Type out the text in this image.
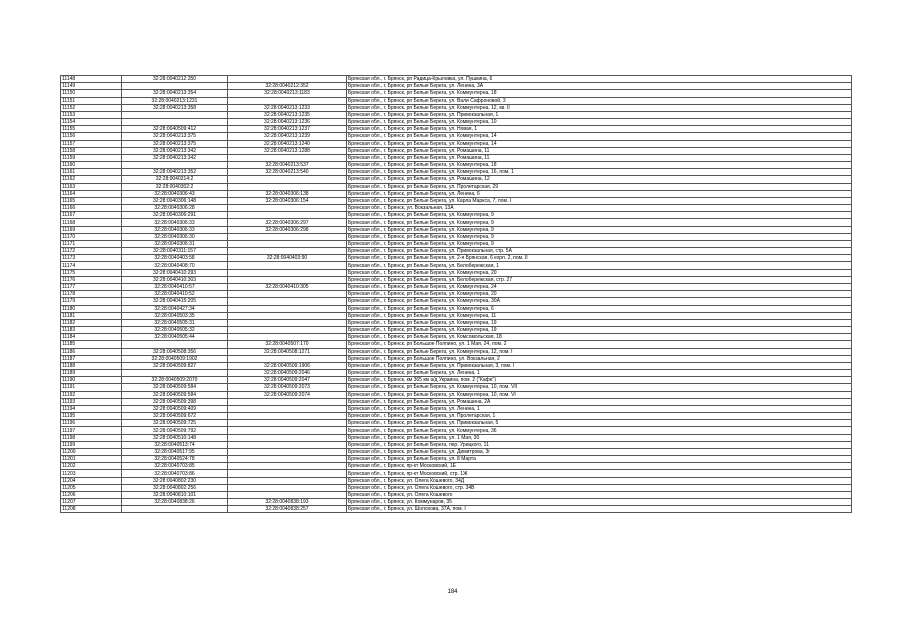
11148	32:28:0040212:350		Брянская обл., г. Брянск, рп Радица-Крыловка, ул. Пушкина, 6
11149		32:28:0040212:352	Брянская обл., г. Брянск, рп Белые Берега, ул. Ленина, 3А
11150	32:28:0040213:354	32:28:0040213:1183	Брянская обл., г. Брянск, рп Белые Берега, ул. Коммунтерна, 18
11151	32:28:0040213:1231		Брянская обл., г. Брянск, рп Белые Берега, ул. Вали Сафроновой, 3
11152	32:28:0040213:358	32:28:0040213:1233	Брянская обл., г. Брянск, рп Белые Берега, ул. Коммунтерна, 12, кв. II
11153		32:28:0040213:1235	Брянская обл., г. Брянск, рп Белые Берега, ул. Привокзальная, 1
11154		32:28:0040213:1236	Брянская обл., г. Брянск, рп Белые Берега, ул. Коммунтерна, 10
11155	32:28:0040509:412	32:28:0040213:1237	Брянская обл., г. Брянск, рп Белые Берега, ул. Новая, 1
11156	32:28:0040213:375	32:28:0040213:1239	Брянская обл., г. Брянск, рп Белые Берега, ул. Коммунтерна, 14
11157	32:28:0040213:375	32:28:0040213:1240	Брянская обл., г. Брянск, рп Белые Берега, ул. Коммунтерна, 14
11158	32:28:0040213:342	32:28:0040213:1288	Брянская обл., г. Брянск, рп Белые Берега, ул. Ромашина, 11
11159	32:28:0040213:342		Брянская обл., г. Брянск, рп Белые Берега, ул. Ромашина, 11
11160		32:28:0040213:537	Брянская обл., г. Брянск, рп Белые Берега, ул. Коммунтерна, 18
11161	32:28:0040213:352	32:28:0040213:540	Брянская обл., г. Брянск, рп Белые Берега, ул. Коммунтерна, 16, пом. 1
11162	32:28:0040214:2		Брянская обл., г. Брянск, рп Белые Берега, ул. Ромашина, 12
11163	32:28:0040302:2		Брянская обл., г. Брянск, рп Белые Берега, ул. Пролетарская, 29
11164	32:28:0040306:43	32:28:0040306:138	Брянская обл., г. Брянск, рп Белые Берега, ул. Ленина, 6
11165	32:28:0040306:148	32:28:0040306:154	Брянская обл., г. Брянск, рп Белые Берега, ул. Карла Маркса, 7, пом. I
11166	32:28:0040306:28		Брянская обл., г. Брянск, ул. Вокзальная, 13А
11167	32:28:0040306:291		Брянская обл., г. Брянск, рп Белые Берега, ул. Коммунтерна, 9
11168	32:28:0040306:33	32:28:0040306:297	Брянская обл., г. Брянск, рп Белые Берега, ул. Коммунтерна, 9
11169	32:28:0040306:33	32:28:0040306:298	Брянская обл., г. Брянск, рп Белые Берега, ул. Коммунтерна, 9
11170	32:28:0040306:30		Брянская обл., г. Брянск, рп Белые Берега, ул. Коммунтерна, 9
11171	32:28:0040306:31		Брянская обл., г. Брянск, рп Белые Берега, ул. Коммунтерна, 9
11172	32:28:0040311:157		Брянская обл., г. Брянск, рп Белые Берега, ул. Привокзальная, стр. 5А
11173	32:28:0040403:58	32:28:0040403:90	Брянская обл., г. Брянск, рп Белые Берега, ул. 2-я Брянская, 6 корп. 2, пом. II
11174	32:28:0040408:70		Брянская обл., г. Брянск, рп Белые Берега, ул. Белобережская, 1
11175	32:28:0040410:293		Брянская обл., г. Брянск, рп Белые Берега, ул. Коммунтерна, 20
11176	32:28:0040410:303		Брянская обл., г. Брянск, рп Белые Берега, ул. Белобережская, стр. 27
11177	32:28:0040410:57	32:28:0040410:305	Брянская обл., г. Брянск, рп Белые Берега, ул. Коммунтерна, 24
11178	32:28:0040410:52		Брянская обл., г. Брянск, рп Белые Берега, ул. Коммунтерна, 20
11179	32:28:0040415:205		Брянская обл., г. Брянск, рп Белые Берега, ул. Коммунтерна, 30А
11180	32:28:0040427:34		Брянская обл., г. Брянск, рп Белые Берега, ул. Коммунтерна, 6
11181	32:28:0040503:35		Брянская обл., г. Брянск, рп Белые Берега, ул. Коммунтерна, 11
11182	32:28:0040505:31		Брянская обл., г. Брянск, рп Белые Берега, ул. Коммунтерна, 19
11183	32:28:0040505:32		Брянская обл., г. Брянск, рп Белые Берега, ул. Коммунтерна, 19
11184	32:28:0040505:44		Брянская обл., г. Брянск, рп Белые Берега, ул. Комсомольская, 18
11185		32:28:0040507:170	Брянская обл., г. Брянск, рп Большое Полпино, ул. 1 Мая, 24, пом. 2
11186	32:28:0040508:356	32:28:0040508:1271	Брянская обл., г. Брянск, рп Белые Берега, ул. Коммунтерна, 12, пом. I
11187	32:28:0040509:1902		Брянская обл., г. Брянск, рп Большое Полпино, ул. Вокзальная, 2
11188	32:28:0040509:827	32:28:0040509:1906	Брянская обл., г. Брянск, рп Белые Берега, ул. Привокзальная, 3, пом. I
11189		32:28:0040509:2046	Брянская обл., г. Брянск, рп Белые Берега, ул. Ленина, 1
11190	32:28:0040509:2070	32:28:0040509:2047	Брянская обл., г. Брянск, км 365 км а/д Украина, пом. 2 ("Кафе")
11191	32:28:0040509:584	32:28:0040509:2073	Брянская обл., г. Брянск, рп Белые Берега, ул. Коммунтерна, 10, пом. VII
11192	32:28:0040509:584	32:28:0040509:2074	Брянская обл., г. Брянск, рп Белые Берега, ул. Коммунтерна, 10, пом. VI
11193	32:28:0040509:398		Брянская обл., г. Брянск, рп Белые Берега, ул. Ромашина, 2А
11194	32:28:0040509:409		Брянская обл., г. Брянск, рп Белые Берега, ул. Ленина, 1
11195	32:28:0040509:672		Брянская обл., г. Брянск, рп Белые Берега, ул. Пролетарская, 1
11196	32:28:0040509:725		Брянская обл., г. Брянск, рп Белые Берега, ул. Привокзальная, 5
11197	32:28:0040509:792		Брянская обл., г. Брянск, рп Белые Берега, ул. Коммунтерна, 36
11198	32:28:0040510:148		Брянская обл., г. Брянск, рп Белые Берега, ул. 1 Мая, 30
11199	32:28:0040513:74		Брянская обл., г. Брянск, рп Белые Берега, пер. Урицкого, 11
11200	32:28:0040517:95		Брянская обл., г. Брянск, рп Белые Берега, ул. Димитрова, 3г
11201	32:28:0040524:78		Брянская обл., г. Брянск, рп Белые Берега, ул. 8 Марта
11202	32:28:0040703:85		Брянская обл., г. Брянск, пр-кт Московский, 1Е
11203	32:28:0040703:86		Брянская обл., г. Брянск, пр-кт Московский, стр. 1Ж
11204	32:28:0040802:230		Брянская обл., г. Брянск, ул. Олега Кошевого, 34Д
11205	32:28:0040802:256		Брянская обл., г. Брянск, ул. Олега Кошевого, стр. 34В
11206	32:28:0040810:101		Брянская обл., г. Брянск, ул. Олега Кошевого
11207	32:28:0040838:26	32:28:0040838:193	Брянская обл., г. Брянск, ул. Коммунаров, 35
11208		32:28:0040838:257	Брянская обл., г. Брянск, ул. Шолохова, 37А, пом. I
184
